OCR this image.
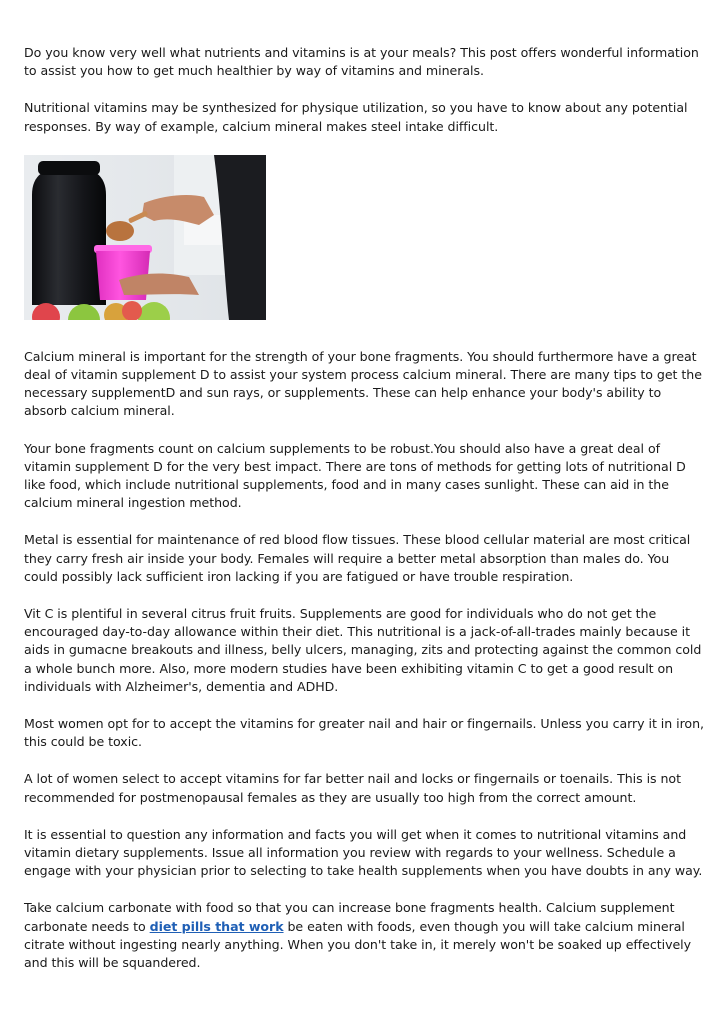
Do you know very well what nutrients and vitamins is at your meals? This post offers wonderful information to assist you how to get much healthier by way of vitamins and minerals.

Nutritional vitamins may be synthesized for physique utilization, so you have to know about any potential responses. By way of example, calcium mineral makes steel intake difficult.

Calcium mineral is important for the strength of your bone fragments. You should furthermore have a great deal of vitamin supplement D to assist your system process calcium mineral. There are many tips to get the necessary supplementD and sun rays, or supplements. These can help enhance your body's ability to absorb calcium mineral.

Your bone fragments count on calcium supplements to be robust.You should also have a great deal of vitamin supplement D for the very best impact. There are tons of methods for getting lots of nutritional D like food, which include nutritional supplements, food and in many cases sunlight. These can aid in the calcium mineral ingestion method.

Metal is essential for maintenance of red blood flow tissues. These blood cellular material are most critical they carry fresh air inside your body. Females will require a better metal absorption than males do. You could possibly lack sufficient iron lacking if you are fatigued or have trouble respiration.

Vit C is plentiful in several citrus fruit fruits. Supplements are good for individuals who do not get the encouraged day-to-day allowance within their diet. This nutritional is a jack-of-all-trades mainly because it aids in gumacne breakouts and illness, belly ulcers, managing, zits and protecting against the common cold a whole bunch more. Also, more modern studies have been exhibiting vitamin C to get a good result on individuals with Alzheimer's, dementia and ADHD.

Most women opt for to accept the vitamins for greater nail and hair or fingernails. Unless you carry it in iron, this could be toxic.

A lot of women select to accept vitamins for far better nail and locks or fingernails or toenails. This is not recommended for postmenopausal females as they are usually too high from the correct amount.

It is essential to question any information and facts you will get when it comes to nutritional vitamins and vitamin dietary supplements. Issue all information you review with regards to your wellness. Schedule a engage with your physician prior to selecting to take health supplements when you have doubts in any way.

Take calcium carbonate with food so that you can increase bone fragments health. Calcium supplement carbonate needs to diet pills that work be eaten with foods, even though you will take calcium mineral citrate without ingesting nearly anything. When you don't take in, it merely won't be soaked up effectively and this will be squandered.
